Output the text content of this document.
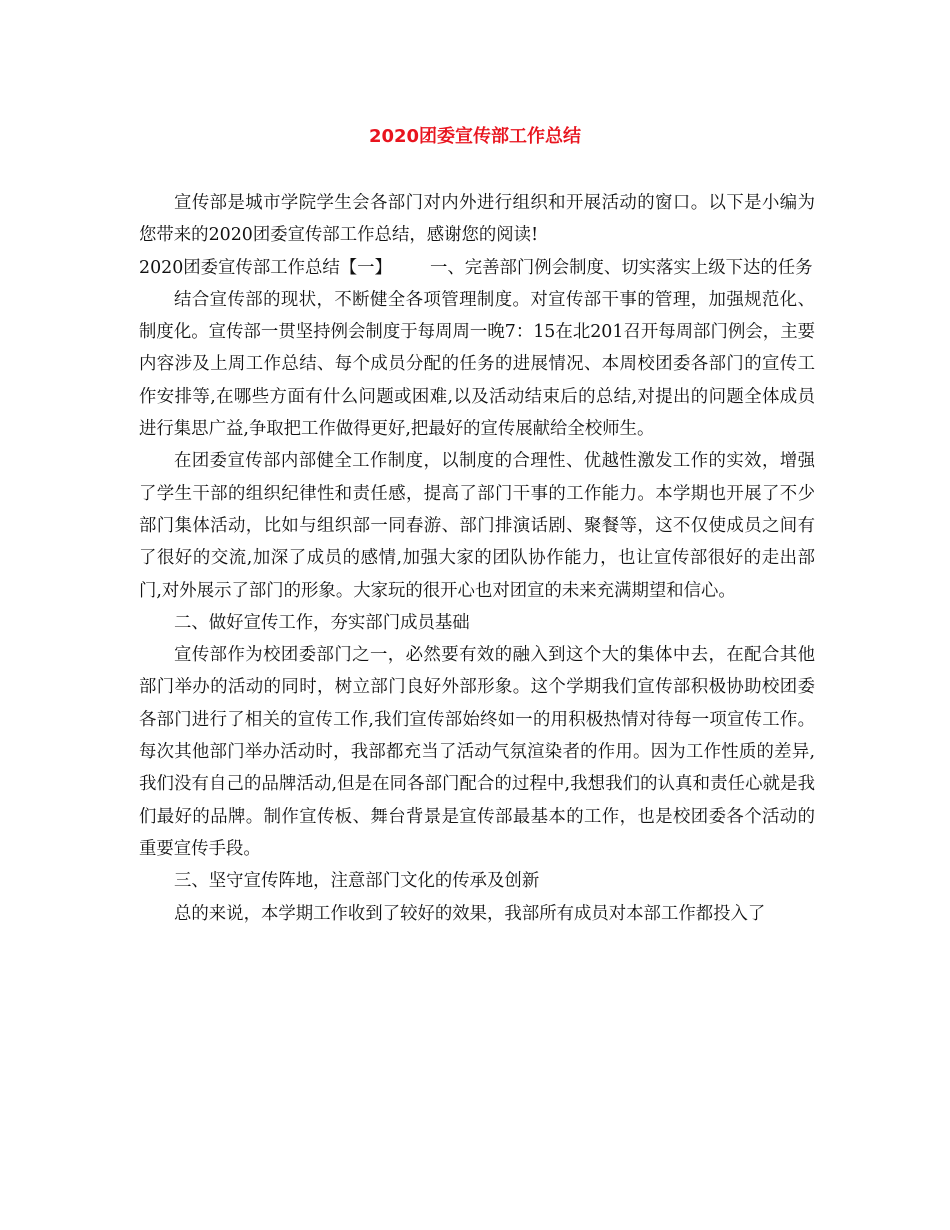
2020团委宣传部工作总结

宣传部是城市学院学生会各部门对内外进行组织和开展活动的窗口。以下是小编为您带来的2020团委宣传部工作总结，感谢您的阅读!

2020团委宣传部工作总结【一】 一、完善部门例会制度、切实落实上级下达的任务

结合宣传部的现状，不断健全各项管理制度。对宣传部干事的管理，加强规范化、制度化。宣传部一贯坚持例会制度于每周周一晚7：15在北201召开每周部门例会，主要内容涉及上周工作总结、每个成员分配的任务的进展情况、本周校团委各部门的宣传工作安排等,在哪些方面有什么问题或困难,以及活动结束后的总结,对提出的问题全体成员进行集思广益,争取把工作做得更好,把最好的宣传展献给全校师生。

在团委宣传部内部健全工作制度，以制度的合理性、优越性激发工作的实效，增强了学生干部的组织纪律性和责任感，提高了部门干事的工作能力。本学期也开展了不少部门集体活动，比如与组织部一同春游、部门排演话剧、聚餐等，这不仅使成员之间有了很好的交流,加深了成员的感情,加强大家的团队协作能力，也让宣传部很好的走出部门,对外展示了部门的形象。大家玩的很开心也对团宣的未来充满期望和信心。

二、做好宣传工作，夯实部门成员基础

宣传部作为校团委部门之一，必然要有效的融入到这个大的集体中去，在配合其他部门举办的活动的同时，树立部门良好外部形象。这个学期我们宣传部积极协助校团委各部门进行了相关的宣传工作,我们宣传部始终如一的用积极热情对待每一项宣传工作。每次其他部门举办活动时，我部都充当了活动气氛渲染者的作用。因为工作性质的差异,我们没有自己的品牌活动,但是在同各部门配合的过程中,我想我们的认真和责任心就是我们最好的品牌。制作宣传板、舞台背景是宣传部最基本的工作，也是校团委各个活动的重要宣传手段。

三、坚守宣传阵地，注意部门文化的传承及创新

总的来说，本学期工作收到了较好的效果，我部所有成员对本部工作都投入了
